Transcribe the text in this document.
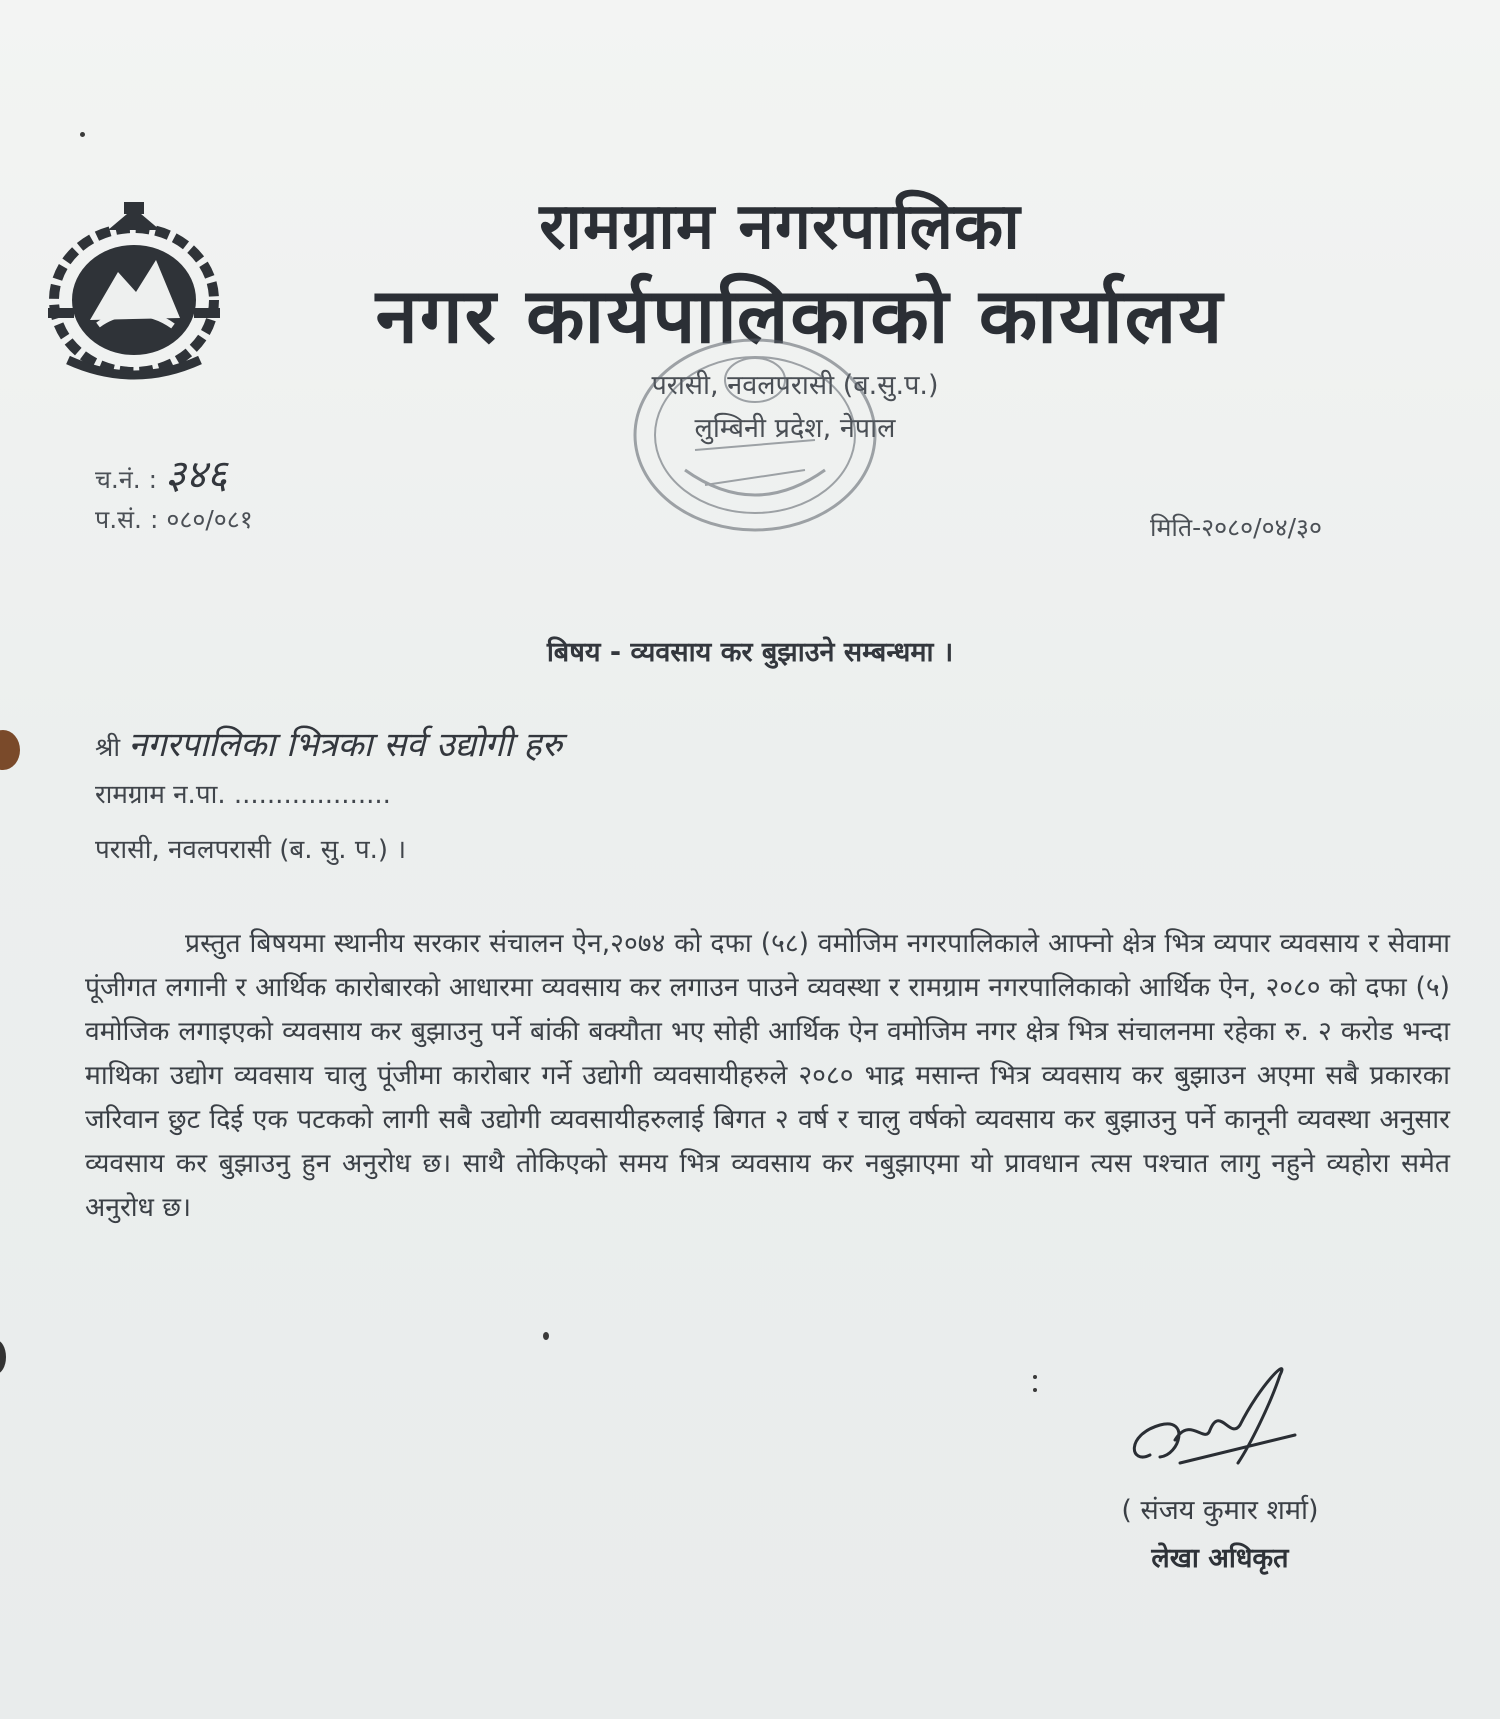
रामग्राम नगरपालिका
नगर कार्यपालिकाको कार्यालय
परासी, नवलपरासी (ब.सु.प.)
लुम्बिनी प्रदेश, नेपाल
च.नं. : ३४६
प.सं. : ०८०/०८१	मिति-२०८०/०४/३०
बिषय - व्यवसाय कर बुझाउने सम्बन्धमा ।
श्री नगरपालिका भित्रका सर्व उद्योगी हरु
रामग्राम न.पा. ...................
परासी, नवलपरासी (ब. सु. प.) ।
प्रस्तुत बिषयमा स्थानीय सरकार संचालन ऐन,२०७४ को दफा (५८) वमोजिम नगरपालिकाले आफ्नो क्षेत्र भित्र व्यपार व्यवसाय र सेवामा पूंजीगत लगानी र आर्थिक कारोबारको आधारमा व्यवसाय कर लगाउन पाउने व्यवस्था र रामग्राम नगरपालिकाको आर्थिक ऐन, २०८० को दफा (५) वमोजिक लगाइएको व्यवसाय कर बुझाउनु पर्ने बांकी बक्यौता भए सोही आर्थिक ऐन वमोजिम नगर क्षेत्र भित्र संचालनमा रहेका रु. २ करोड भन्दा माथिका उद्योग व्यवसाय चालु पूंजीमा कारोबार गर्ने उद्योगी व्यवसायीहरुले २०८० भाद्र मसान्त भित्र व्यवसाय कर बुझाउन अएमा सबै प्रकारका जरिवान छुट दिई एक पटकको लागी सबै उद्योगी व्यवसायीहरुलाई बिगत २ वर्ष र चालु वर्षको व्यवसाय कर बुझाउनु पर्ने कानूनी व्यवस्था अनुसार व्यवसाय कर बुझाउनु हुन अनुरोध छ। साथै तोकिएको समय भित्र व्यवसाय कर नबुझाएमा यो प्रावधान त्यस पश्चात लागु नहुने व्यहोरा समेत अनुरोध छ।
( संजय कुमार शर्मा)
लेखा अधिकृत
